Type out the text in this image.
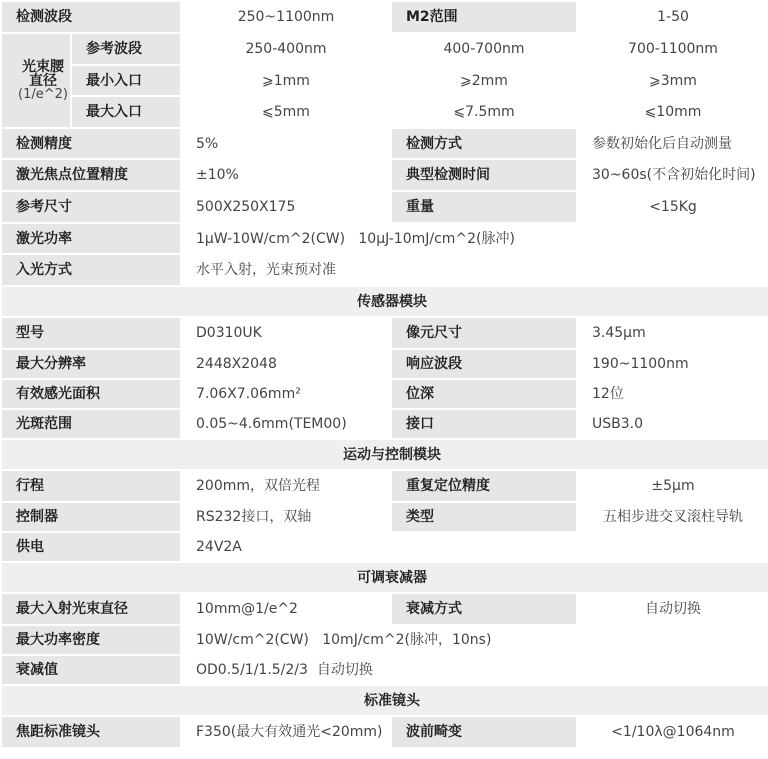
检测波段		250~1100nm	M2范围	1-50

光束腰
直径
(1/e^2)	参考波段	250-400nm	400-700nm	700-1100nm
	最小入口	⩾1mm	⩾2mm	⩾3mm
	最大入口	⩽5mm	⩽7.5mm	⩽10mm
检测精度		5%	检测方式	参数初始化后自动测量
激光焦点位置精度		±10%	典型检测时间	30~60s(不含初始化时间)
参考尺寸		500X250X175	重量	<15Kg
激光功率		1μW-10W/cm^2(CW)   10μJ-10mJ/cm^2(脉冲)		
入光方式		水平入射，光束预对准		
传感器模块				
型号		D0310UK	像元尺寸	3.45μm
最大分辨率		2448X2048	响应波段	190~1100nm
有效感光面积		7.06X7.06mm²	位深	12位
光斑范围		0.05~4.6mm(TEM00)	接口	USB3.0
运动与控制模块				
行程		200mm，双倍光程	重复定位精度	±5μm
控制器		RS232接口，双轴	类型	五相步进交叉滚柱导轨
供电		24V2A		
可调衰减器				
最大入射光束直径		10mm@1/e^2	衰减方式	自动切换
最大功率密度		10W/cm^2(CW)   10mJ/cm^2(脉冲，10ns)		
衰减值		OD0.5/1/1.5/2/3  自动切换		
标准镜头				
焦距标准镜头		F350(最大有效通光<20mm)	波前畸变	<1/10λ@1064nm
